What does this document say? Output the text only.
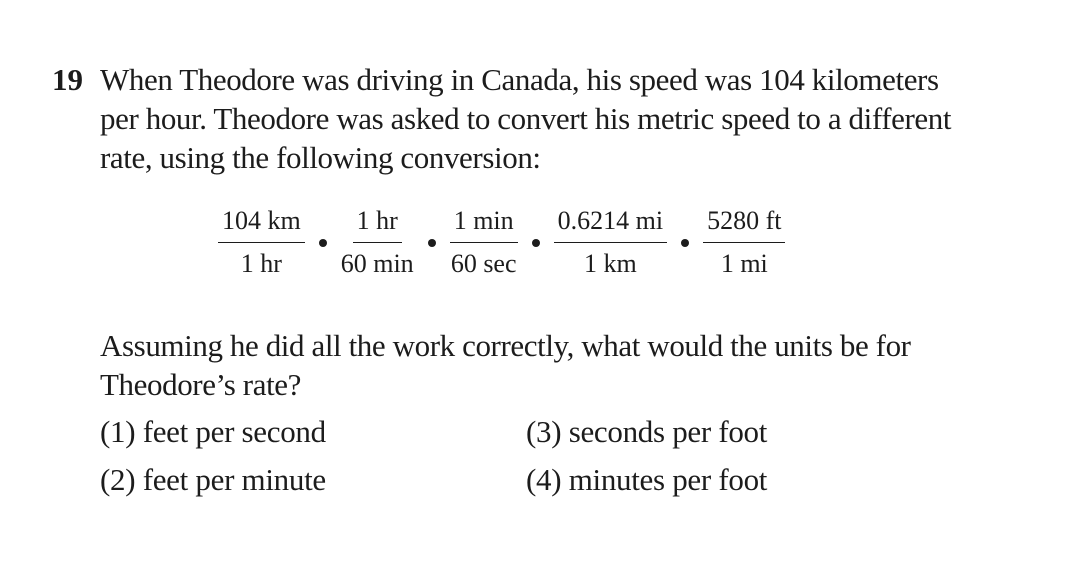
19 When Theodore was driving in Canada, his speed was 104 kilometers
per hour. Theodore was asked to convert his metric speed to a different
rate, using the following conversion:
$\frac{104 km}{1 hr} \frac{1 hr}{60 \min} \frac{1 \min}{60 \sec} \frac{0.6214 mi}{1 km} \frac{5280 ft}{1 mi}$
Assuming he did all the work correctly, what would the units be for
Theodore’s rate?
(1) feet per second
(2) feet per minute
(3) seconds per foot
(4) minutes per foot
